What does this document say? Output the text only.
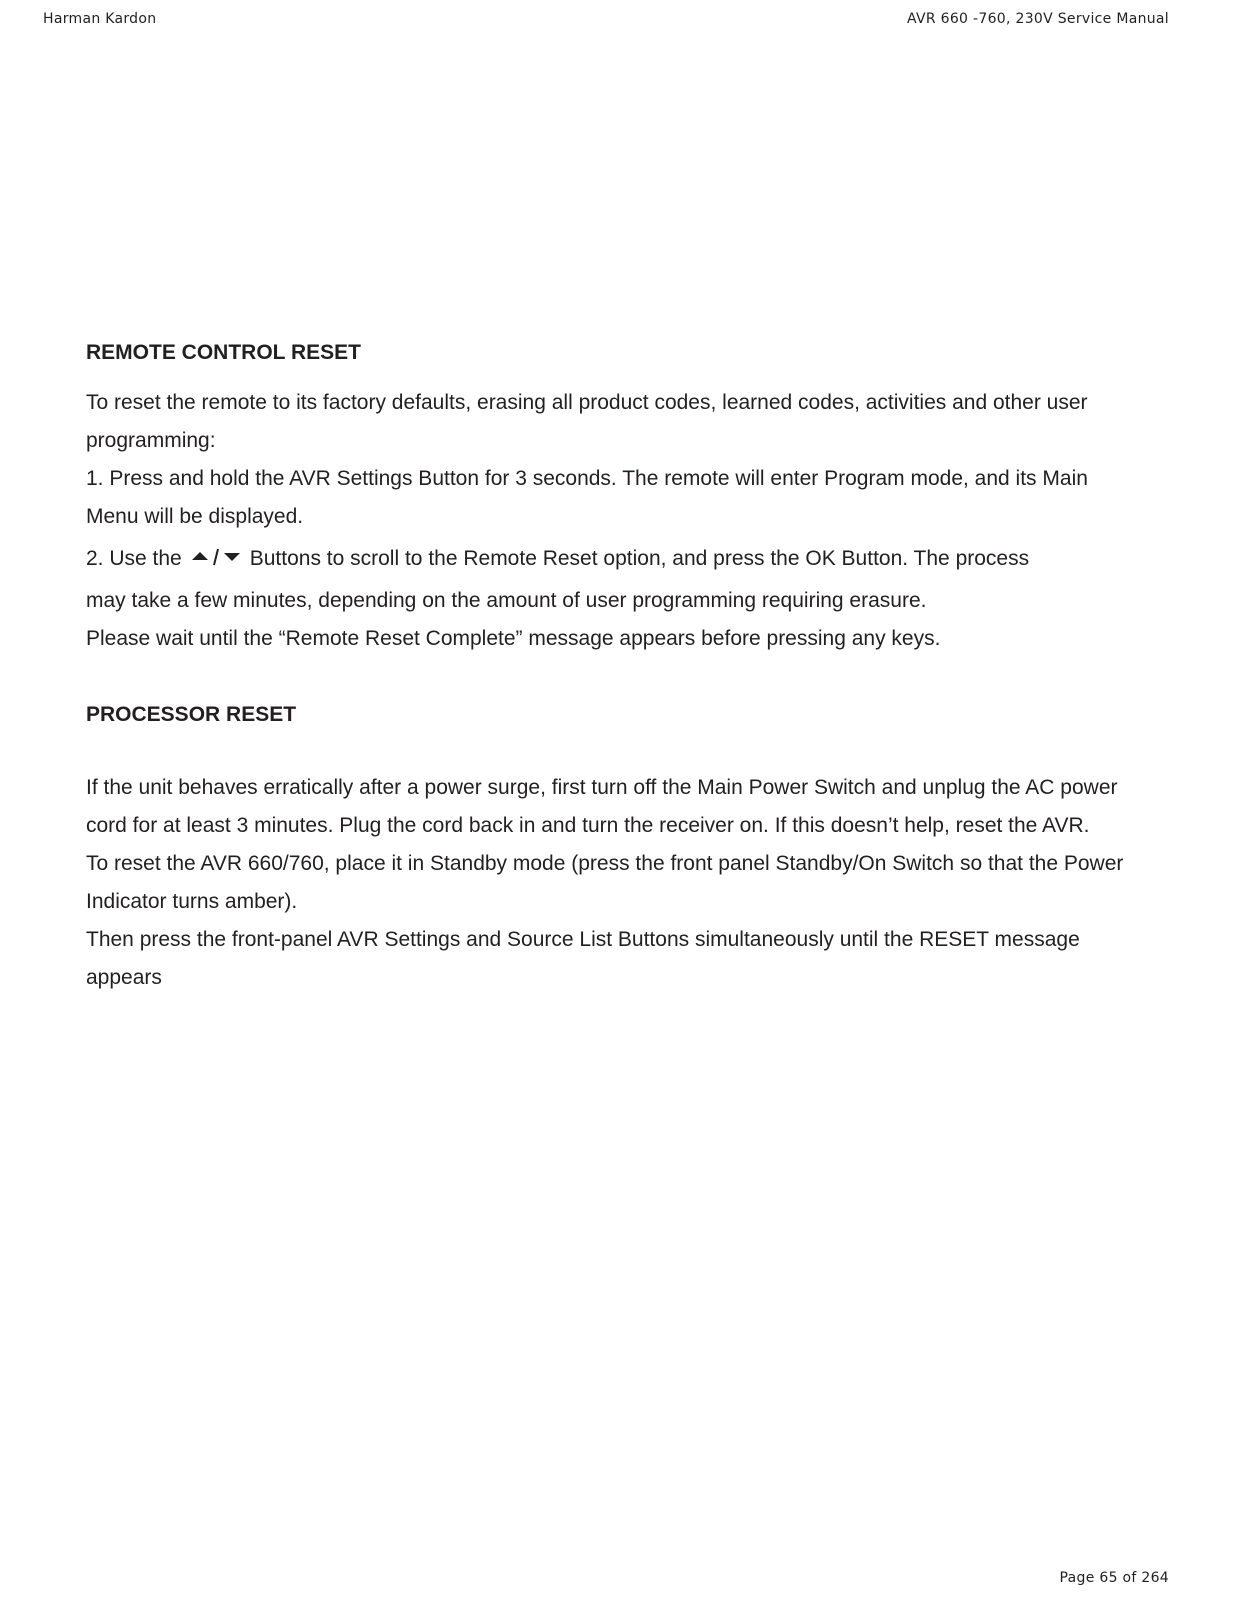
Harman Kardon	AVR 660 -760, 230V Service Manual
REMOTE CONTROL RESET

To reset the remote to its factory defaults, erasing all product codes, learned codes, activities and other user programming:

1. Press and hold the AVR Settings Button for 3 seconds. The remote will enter Program mode, and its Main Menu will be displayed.

2. Use the	Buttons to scroll to the Remote Reset option, and press the OK Button. The process

may take a few minutes, depending on the amount of user programming requiring erasure.

Please wait until the “Remote Reset Complete” message appears before pressing any keys.

PROCESSOR RESET

If the unit behaves erratically after a power surge, first turn off the Main Power Switch and unplug the AC power cord for at least 3 minutes. Plug the cord back in and turn the receiver on. If this doesn’t help, reset the AVR.

To reset the AVR 660/760, place it in Standby mode (press the front panel Standby/On Switch so that the Power Indicator turns amber).

Then press the front-panel AVR Settings and Source List Buttons simultaneously until the RESET message appears

Page 65 of 264
